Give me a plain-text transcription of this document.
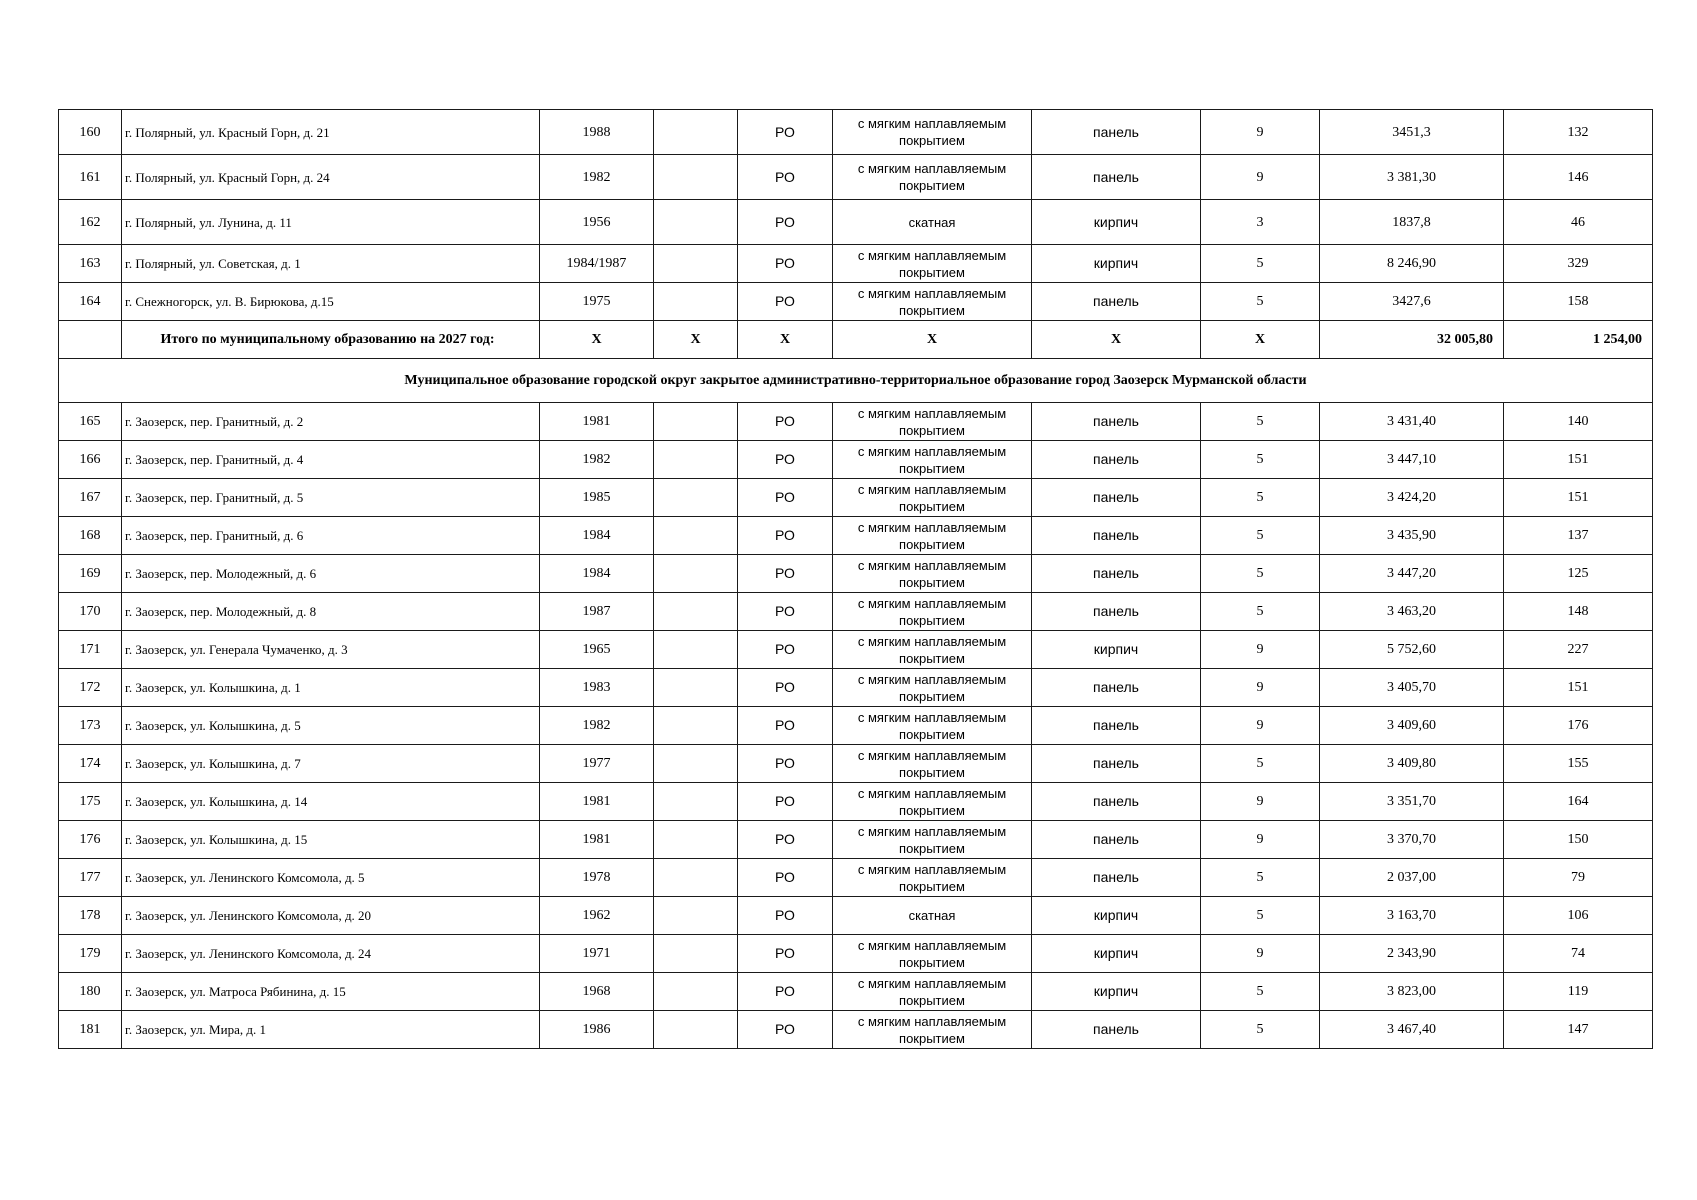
160	г. Полярный, ул. Красный Горн, д. 21	1988		РО	с мягким наплавляемым покрытием	панель	9	3451,3	132
161	г. Полярный, ул. Красный Горн, д. 24	1982		РО	с мягким наплавляемым покрытием	панель	9	3 381,30	146
162	г. Полярный, ул. Лунина, д. 11	1956		РО	скатная	кирпич	3	1837,8	46
163	г. Полярный, ул. Советская, д. 1	1984/1987		РО	с мягким наплавляемым покрытием	кирпич	5	8 246,90	329
164	г. Снежногорск, ул. В. Бирюкова, д.15	1975		РО	с мягким наплавляемым покрытием	панель	5	3427,6	158
	Итого по муниципальному образованию на 2027 год:	Х	Х	Х	Х	Х	Х	32 005,80	1 254,00
Муниципальное образование городской округ закрытое административно-территориальное образование город Заозерск Мурманской области									
165	г. Заозерск, пер. Гранитный, д. 2	1981		РО	с мягким наплавляемым покрытием	панель	5	3 431,40	140
166	г. Заозерск, пер. Гранитный, д. 4	1982		РО	с мягким наплавляемым покрытием	панель	5	3 447,10	151
167	г. Заозерск, пер. Гранитный, д. 5	1985		РО	с мягким наплавляемым покрытием	панель	5	3 424,20	151
168	г. Заозерск, пер. Гранитный, д. 6	1984		РО	с мягким наплавляемым покрытием	панель	5	3 435,90	137
169	г. Заозерск, пер. Молодежный, д. 6	1984		РО	с мягким наплавляемым покрытием	панель	5	3 447,20	125
170	г. Заозерск, пер. Молодежный, д. 8	1987		РО	с мягким наплавляемым покрытием	панель	5	3 463,20	148
171	г. Заозерск, ул. Генерала Чумаченко, д. 3	1965		РО	с мягким наплавляемым покрытием	кирпич	9	5 752,60	227
172	г. Заозерск, ул. Колышкина, д. 1	1983		РО	с мягким наплавляемым покрытием	панель	9	3 405,70	151
173	г. Заозерск, ул. Колышкина, д. 5	1982		РО	с мягким наплавляемым покрытием	панель	9	3 409,60	176
174	г. Заозерск, ул. Колышкина, д. 7	1977		РО	с мягким наплавляемым покрытием	панель	5	3 409,80	155
175	г. Заозерск, ул. Колышкина, д. 14	1981		РО	с мягким наплавляемым покрытием	панель	9	3 351,70	164
176	г. Заозерск, ул. Колышкина, д. 15	1981		РО	с мягким наплавляемым покрытием	панель	9	3 370,70	150
177	г. Заозерск, ул. Ленинского Комсомола, д. 5	1978		РО	с мягким наплавляемым покрытием	панель	5	2 037,00	79
178	г. Заозерск, ул. Ленинского Комсомола, д. 20	1962		РО	скатная	кирпич	5	3 163,70	106
179	г. Заозерск, ул. Ленинского Комсомола, д. 24	1971		РО	с мягким наплавляемым покрытием	кирпич	9	2 343,90	74
180	г. Заозерск, ул. Матроса Рябинина, д. 15	1968		РО	с мягким наплавляемым покрытием	кирпич	5	3 823,00	119
181	г. Заозерск, ул. Мира, д. 1	1986		РО	с мягким наплавляемым покрытием	панель	5	3 467,40	147
